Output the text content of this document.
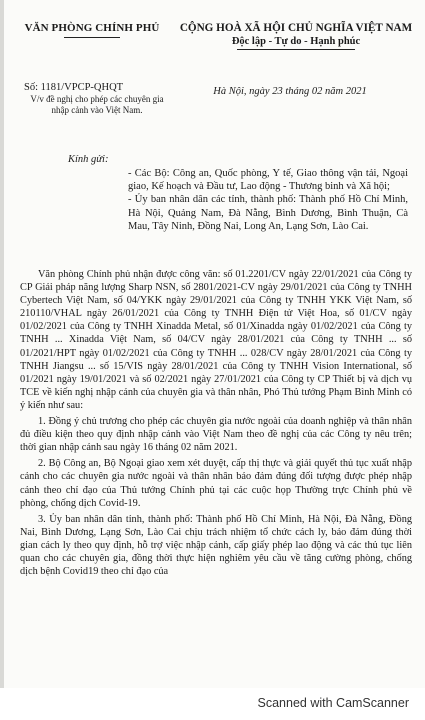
VĂN PHÒNG CHÍNH PHỦ	CỘNG HOÀ XÃ HỘI CHỦ NGHĨA VIỆT NAM
Độc lập - Tự do - Hạnh phúc
Số: 1181/VPCP-QHQT
V/v đề nghị cho phép các chuyên gia nhập cảnh vào Việt Nam.
Hà Nội, ngày 23 tháng 02 năm 2021
Kính gửi:
- Các Bộ: Công an, Quốc phòng, Y tế, Giao thông vận tải, Ngoại giao, Kế hoạch và Đầu tư, Lao động - Thương binh và Xã hội;
- Ủy ban nhân dân các tỉnh, thành phố: Thành phố Hồ Chí Minh, Hà Nội, Quảng Nam, Đà Nẵng, Bình Dương, Bình Thuận, Cà Mau, Tây Ninh, Đồng Nai, Long An, Lạng Sơn, Lào Cai.

Văn phòng Chính phủ nhận được công văn: số 01.2201/CV ngày 22/01/2021 của Công ty CP Giải pháp năng lượng Sharp NSN, số 2801/2021-CV ngày 29/01/2021 của Công ty TNHH Cybertech Việt Nam, số 04/YKK ngày 29/01/2021 của Công ty TNHH YKK Việt Nam, số 210110/VHAL ngày 26/01/2021 của Công ty TNHH Điện tử Việt Hoa, số 01/CV ngày 01/02/2021 của Công ty TNHH Xinadda Metal, số 01/Xinadda ngày 01/02/2021 của Công ty TNHH ... Xinadda Việt Nam, số 04/CV ngày 28/01/2021 của Công ty TNHH ... số 01/2021/HPT ngày 01/02/2021 của Công ty TNHH ... 028/CV ngày 28/01/2021 của Công ty TNHH Jiangsu ... số 15/VIS ngày 28/01/2021 của Công ty TNHH Vision International, số 01/2021 ngày 19/01/2021 và số 02/2021 ngày 27/01/2021 của Công ty CP Thiết bị và dịch vụ TCE về kiến nghị nhập cảnh của chuyên gia và thân nhân, Phó Thủ tướng Phạm Bình Minh có ý kiến như sau:

1. Đồng ý chủ trương cho phép các chuyên gia nước ngoài của doanh nghiệp và thân nhân đủ điều kiện theo quy định nhập cảnh vào Việt Nam theo đề nghị của các Công ty nêu trên; thời gian nhập cảnh sau ngày 16 tháng 02 năm 2021.

2. Bộ Công an, Bộ Ngoại giao xem xét duyệt, cấp thị thực và giải quyết thủ tục xuất nhập cảnh cho các chuyên gia nước ngoài và thân nhân bảo đảm đúng đối tượng được phép nhập cảnh theo chỉ đạo của Thủ tướng Chính phủ tại các cuộc họp Thường trực Chính phủ về phòng, chống dịch Covid-19.

3. Ủy ban nhân dân tỉnh, thành phố: Thành phố Hồ Chí Minh, Hà Nội, Đà Nẵng, Đồng Nai, Bình Dương, Lạng Sơn, Lào Cai chịu trách nhiệm tổ chức cách ly, bảo đảm đúng thời gian cách ly theo quy định, hỗ trợ việc nhập cảnh, cấp giấy phép lao động và các thủ tục liên quan cho các chuyên gia, đồng thời thực hiện nghiêm yêu cầu về tăng cường phòng, chống dịch bệnh Covid19 theo chỉ đạo của

Scanned with CamScanner
